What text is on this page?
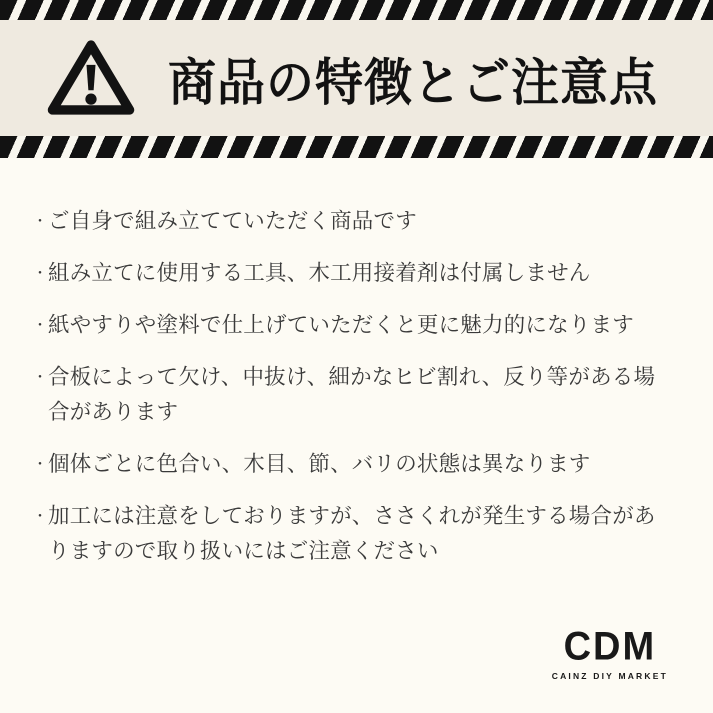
商品の特徴とご注意点
・ ご自身で組み立てていただく商品です
・ 組み立てに使用する工具、木工用接着剤は付属しません
・ 紙やすりや塗料で仕上げていただくと更に魅力的になります
・ 合板によって欠け、中抜け、細かなヒビ割れ、反り等がある場合があります
・ 個体ごとに色合い、木目、節、バリの状態は異なります
・ 加工には注意をしておりますが、ささくれが発生する場合がありますので取り扱いにはご注意ください
CDM
CAINZ DIY MARKET
